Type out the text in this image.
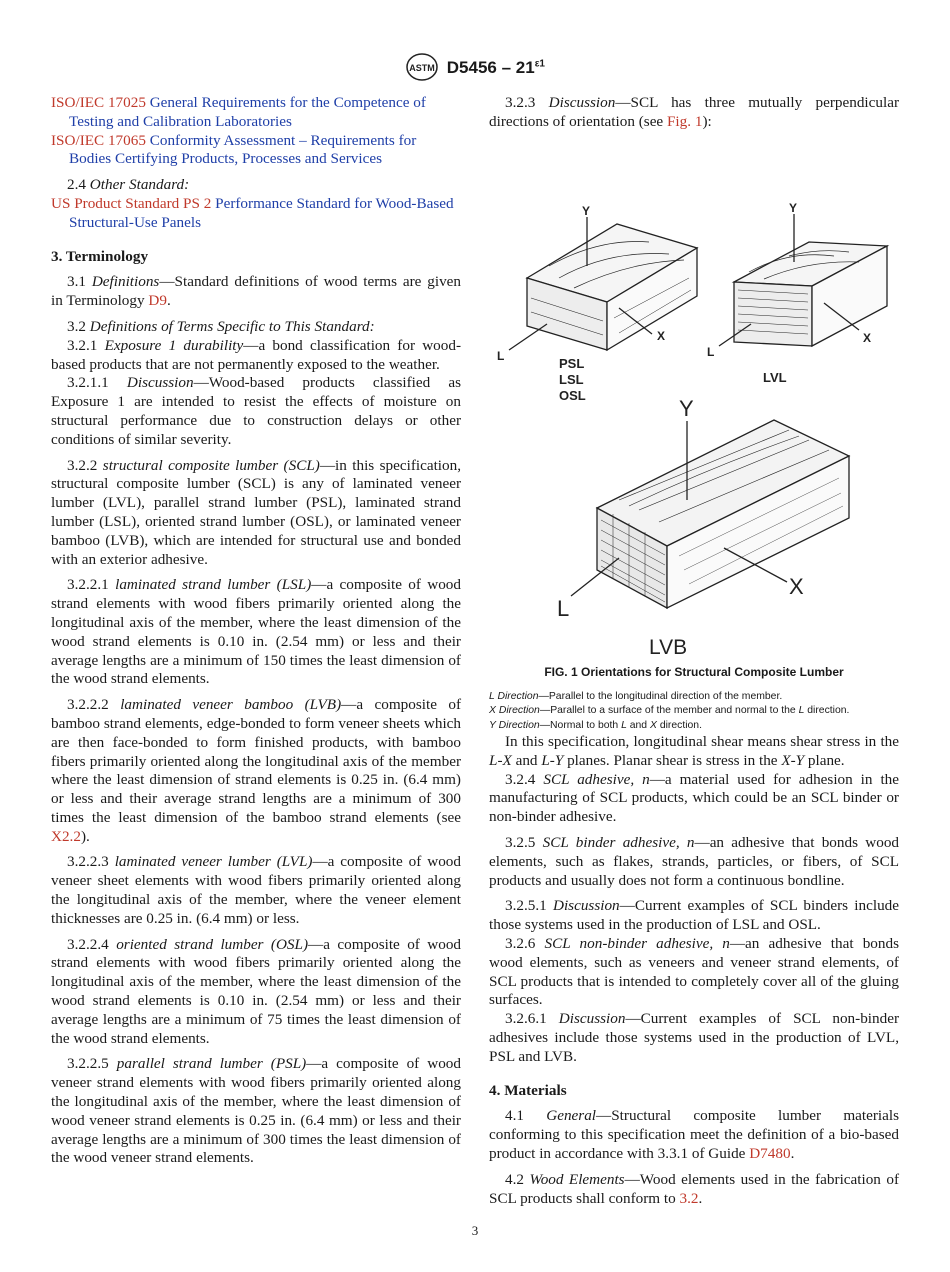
ASTM $D5456 - 21^{\varepsilon 1}$

ISO/IEC 17025 General Requirements for the Competence of Testing and Calibration Laboratories

ISO/IEC 17065 Conformity Assessment – Requirements for Bodies Certifying Products, Processes and Services

2.4 Other Standard:

US Product Standard PS 2 Performance Standard for Wood-Based Structural-Use Panels

3. Terminology

3.1 Definitions—Standard definitions of wood terms are given in Terminology D9.

3.2 Definitions of Terms Specific to This Standard:

3.2.1 Exposure 1 durability—a bond classification for wood-based products that are not permanently exposed to the weather.

3.2.1.1 Discussion—Wood-based products classified as Exposure 1 are intended to resist the effects of moisture on structural performance due to construction delays or other conditions of similar severity.

3.2.2 structural composite lumber (SCL)—in this specification, structural composite lumber (SCL) is any of laminated veneer lumber (LVL), parallel strand lumber (PSL), laminated strand lumber (LSL), oriented strand lumber (OSL), or laminated veneer bamboo (LVB), which are intended for structural use and bonded with an exterior adhesive.

3.2.2.1 laminated strand lumber (LSL)—a composite of wood strand elements with wood fibers primarily oriented along the longitudinal axis of the member, where the least dimension of the wood strand elements is 0.10 in. (2.54 mm) or less and their average lengths are a minimum of 150 times the least dimension of the wood strand elements.

3.2.2.2 laminated veneer bamboo (LVB)—a composite of bamboo strand elements, edge-bonded to form veneer sheets which are then face-bonded to form finished products, with bamboo fibers primarily oriented along the longitudinal axis of the member where the least dimension of strand elements is 0.25 in. (6.4 mm) or less and their average strand lengths are a minimum of 300 times the least dimension of the bamboo strand elements (see X2.2).

3.2.2.3 laminated veneer lumber (LVL)—a composite of wood veneer sheet elements with wood fibers primarily oriented along the longitudinal axis of the member, where the veneer element thicknesses are 0.25 in. (6.4 mm) or less.

3.2.2.4 oriented strand lumber (OSL)—a composite of wood strand elements with wood fibers primarily oriented along the longitudinal axis of the member, where the least dimension of the wood strand elements is 0.10 in. (2.54 mm) or less and their average lengths are a minimum of 75 times the least dimension of the wood strand elements.

3.2.2.5 parallel strand lumber (PSL)—a composite of wood veneer strand elements with wood fibers primarily oriented along the longitudinal axis of the member, where the least dimension of wood veneer strand elements is 0.25 in. (6.4 mm) or less and their average lengths are a minimum of 300 times the least dimension of the wood veneer strand elements.

3.2.3 Discussion—SCL has three mutually perpendicular directions of orientation (see Fig. 1):

Y
L
X
PSL
LSL
OSL
Y
L
X
LVL
Y
L
X
LVB

FIG. 1 Orientations for Structural Composite Lumber

L Direction—Parallel to the longitudinal direction of the member.

X Direction—Parallel to a surface of the member and normal to the L direction.

Y Direction—Normal to both L and X direction.

In this specification, longitudinal shear means shear stress in the L-X and L-Y planes. Planar shear is stress in the X-Y plane.

3.2.4 SCL adhesive, n—a material used for adhesion in the manufacturing of SCL products, which could be an SCL binder or non-binder adhesive.

3.2.5 SCL binder adhesive, n—an adhesive that bonds wood elements, such as flakes, strands, particles, or fibers, of SCL products and usually does not form a continuous bondline.

3.2.5.1 Discussion—Current examples of SCL binders include those systems used in the production of LSL and OSL.

3.2.6 SCL non-binder adhesive, n—an adhesive that bonds wood elements, such as veneers and veneer strand elements, of SCL products that is intended to completely cover all of the gluing surfaces.

3.2.6.1 Discussion—Current examples of SCL non-binder adhesives include those systems used in the production of LVL, PSL and LVB.

4. Materials

4.1 General—Structural composite lumber materials conforming to this specification meet the definition of a bio-based product in accordance with 3.3.1 of Guide D7480.

4.2 Wood Elements—Wood elements used in the fabrication of SCL products shall conform to 3.2.

3
